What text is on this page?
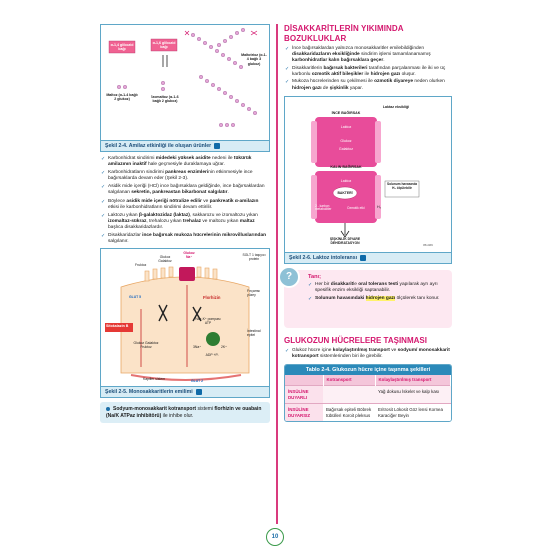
α-1,4 glikozid bağı
α-1,6 glikozid bağı
Maltoz (α-1-4 bağlı 2 glukoz)
İzomaltoz (α-1-6 bağlı 2 glukoz)
Maltotrioz (α-1-4 bağlı 3 glukoz)
Şekil 2-4. Amilaz etkinliği ile oluşan ürünler
✓ Karbonhidrat sindirimi midedeki yüksek asidite nedeni ile tükürük amilazının inaktif hale geçmesiyle duraklamaya uğrar.
✓ Karbonhidratların sindirimi pankreas enzimlerinin etkinmesiyle ince bağırsaklarda devam eder (Şekil 2-3).
✓ Asidik mide içeriği (HCl) ince bağırsaklara geldiğinde, ince bağırsaklardan salgılanan sekretin, pankreastan bikarbonat salgılatır.
✓ Böylece asidik mide içeriği nötralize edilir ve pankreatik α-amilazın etkisi ile karbonhidratların sindirimi devam ettirilir.
✓ Laktozu yıkan β-galaktozidaz (laktaz), sakkarozu ve izomaltozu yıkan izomaltaz-sükraz, trehalozu yıkan trehalaz ve maltozu yıkan maltaz başlıca disakkaridazlardır.
✓ Disakkaridazlar ince bağırsak mukoza hücrelerinin mikrovilluslarından salgılanır.
SGLT 1 taşıyıcı protein
Glukoz Galaktoz
Glukoz Na⁺
Fruktoz
GLUT 5	Florhizin
Fırçamsı yüzey
Sitokalazin B
Na⁺-K⁺ pompası ATP
İntestinal epitel
Glukoz Galaktoz Fruktoz	3Na⁺	2K⁺
ADP +Pᵢ
Kapiller sistem	GLUT 2
Şekil 2-5. Monosakkaritlerin emilimi
Sodyum-monosakkarit kotransport sistemi florhizin ve ouabain (Na/K ATPaz inhibitörü) ile inhibe olur.
DİSAKKARİTLERİN YIKIMINDA BOZUKLUKLAR
✓ İnce bağırsaklardan yalnızca monosakkaritler emilebildiğinden disakkaridazların eksikliğinde sindirim işlemi tamamlanamamış karbonhidratlar kalın bağırsaklara geçer.
✓ Disakkaritlerin bağırsak bakterileri tarafından parçalanması ile iki ve üç karbonlu ozmotik aktif bileşikler ile hidrojen gazı oluşur.
✓ Mukoza hücrelerinden su çekilmesi ile ozmotik diyareye neden olurken hidrojen gazı de şişkinlik yapar.
Laktaz eksikliği
İNCE BAĞIRSAK
Laktoz
Glukoz
Galaktoz
KALIN BAĞIRSAK
Laktoz
BAKTERİ
Solunum havasında H₂ ölçülebilir
H₂
2 - karbon metabolitler	Ozmotik etki
ŞİŞKİNLİK DİYARE DEHİDRATASYON	05v469
Şekil 2-6. Laktoz intoleransı
?	Tanı;
✓ Her bir disakkaritle oral tolerans testi yapılarak ayrı ayrı spesifik enzim eksikliği saptanabilir.
✓ Solunum havasındaki hidrojen gazı ölçülerek tanı konur.
GLUKOZUN HÜCRELERE TAŞINMASI
✓ Glukoz hücre içine kolaylaştırılmış transport ve sodyum/ monosakkarit kotransport sistemlerinden biri ile girebilir.
Tablo 2-4. Glukozun hücre içine taşınma şekilleri
	Kotransport	Kolaylaştırılmış transport
İNSÜLİNE DUYARLI		Yağ dokusu İskelet ve kalp kası
İNSÜLİNE DUYARSIZ	Bağırsak epiteli Böbrek tübülleri Koroit pleksus	Eritrosit Lökosit Göz lensi Kornea Karaciğer Beyin
10
